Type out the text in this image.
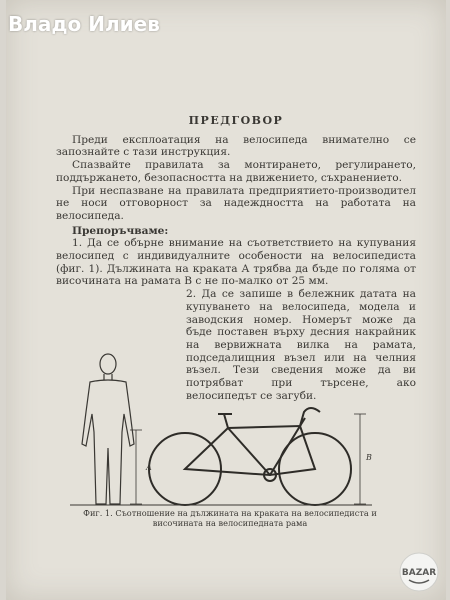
Владо Илиев

ПРЕДГОВОР

Преди експлоатация на велосипеда внимателно се запознайте с тази инструкция.

Спазвайте правилата за монтирането, регулирането, поддържането, безопасността на движението, съхранението.

При неспазване на правилата предприятието-производител не носи отговорност за надеждността на работата на велосипеда.

Препоръчваме:

1. Да се обърне внимание на съответствието на купувания велосипед с индивидуалните особености на велосипедиста (фиг. 1). Дължината на краката A трябва да бъде по голяма от височината на рамата B с не по-малко от 25 мм.

2. Да се запише в бележник датата на купуването на велосипеда, модела и заводския номер. Номерът може да бъде поставен върху десния накрайник на вервижната вилка на рамата, подседалищния възел или на челния възел. Тези сведения може да ви потрябват при търсене, ако велосипедът се загуби.

A
B
Фиг. 1. Съотношение на дължината на краката на велосипедиста и височината на велосипедната рама
BAZAR
